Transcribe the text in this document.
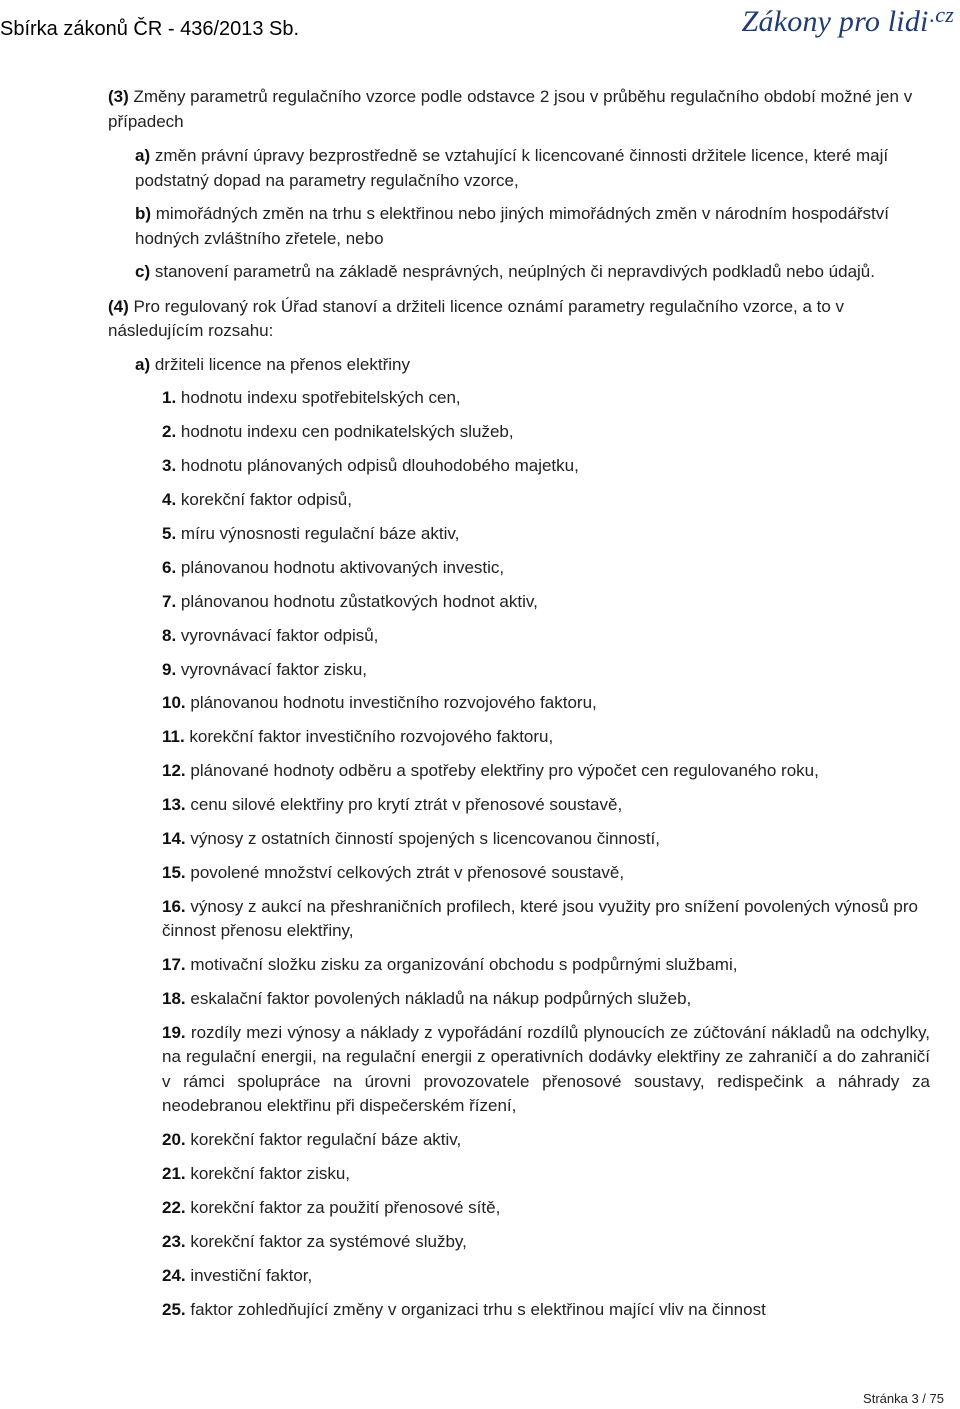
Sbírka zákonů ČR - 436/2013 Sb.	Zákony pro lidi$^{.cz}$
(3) Změny parametrů regulačního vzorce podle odstavce 2 jsou v průběhu regulačního období možné jen v případech
a) změn právní úpravy bezprostředně se vztahující k licencované činnosti držitele licence, které mají podstatný dopad na parametry regulačního vzorce,
b) mimořádných změn na trhu s elektřinou nebo jiných mimořádných změn v národním hospodářství hodných zvláštního zřetele, nebo
c) stanovení parametrů na základě nesprávných, neúplných či nepravdivých podkladů nebo údajů.
(4) Pro regulovaný rok Úřad stanoví a držiteli licence oznámí parametry regulačního vzorce, a to v následujícím rozsahu:
a) držiteli licence na přenos elektřiny
1. hodnotu indexu spotřebitelských cen,
2. hodnotu indexu cen podnikatelských služeb,
3. hodnotu plánovaných odpisů dlouhodobého majetku,
4. korekční faktor odpisů,
5. míru výnosnosti regulační báze aktiv,
6. plánovanou hodnotu aktivovaných investic,
7. plánovanou hodnotu zůstatkových hodnot aktiv,
8. vyrovnávací faktor odpisů,
9. vyrovnávací faktor zisku,
10. plánovanou hodnotu investičního rozvojového faktoru,
11. korekční faktor investičního rozvojového faktoru,
12. plánované hodnoty odběru a spotřeby elektřiny pro výpočet cen regulovaného roku,
13. cenu silové elektřiny pro krytí ztrát v přenosové soustavě,
14. výnosy z ostatních činností spojených s licencovanou činností,
15. povolené množství celkových ztrát v přenosové soustavě,
16. výnosy z aukcí na přeshraničních profilech, které jsou využity pro snížení povolených výnosů pro činnost přenosu elektřiny,
17. motivační složku zisku za organizování obchodu s podpůrnými službami,
18. eskalační faktor povolených nákladů na nákup podpůrných služeb,
19. rozdíly mezi výnosy a náklady z vypořádání rozdílů plynoucích ze zúčtování nákladů na odchylky, na regulační energii, na regulační energii z operativních dodávky elektřiny ze zahraničí a do zahraničí v rámci spolupráce na úrovni provozovatele přenosové soustavy, redispečink a náhrady za neodebranou elektřinu při dispečerském řízení,
20. korekční faktor regulační báze aktiv,
21. korekční faktor zisku,
22. korekční faktor za použití přenosové sítě,
23. korekční faktor za systémové služby,
24. investiční faktor,
25. faktor zohledňující změny v organizaci trhu s elektřinou mající vliv na činnost
Stránka 3 / 75
